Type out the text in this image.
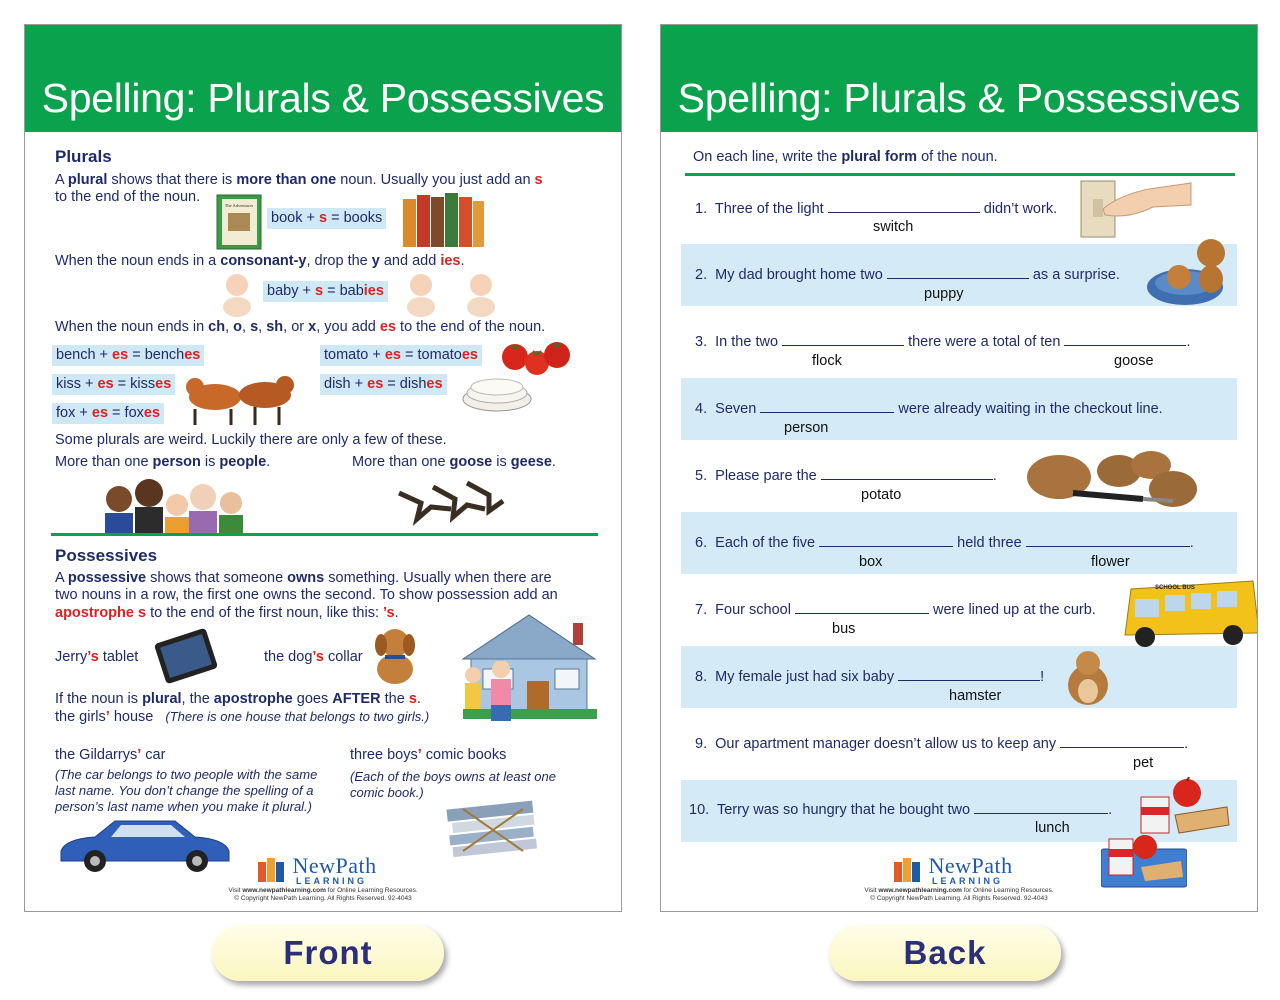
Spelling: Plurals & Possessives
Plurals
A plural shows that there is more than one noun. Usually you just add an s
to the end of the noun.
The Adventures
book + s = books
When the noun ends in a consonant-y, drop the y and add ies.
baby + s = babies
When the noun ends in ch, o, s, sh, or x, you add es to the end of the noun.
bench + es = benches
kiss + es = kisses
fox + es = foxes
tomato + es = tomatoes
dish + es = dishes
Some plurals are weird. Luckily there are only a few of these.
More than one person is people.	More than one goose is geese.
Possessives
A possessive shows that someone owns something. Usually when there are
two nouns in a row, the first one owns the second. To show possession add an
apostrophe s to the end of the first noun, like this: ’s.
Jerry’s tablet	the dog’s collar
If the noun is plural, the apostrophe goes AFTER the s.
the girls’ house (There is one house that belongs to two girls.)
the Gildarrys’ car
(The car belongs to two people with the same
last name. You don’t change the spelling of a
person’s last name when you make it plural.)
three boys’ comic books
(Each of the boys owns at least one
comic book.)
NewPath
LEARNING
Visit www.newpathlearning.com for Online Learning Resources.
© Copyright NewPath Learning. All Rights Reserved. 92-4043
Spelling: Plurals & Possessives
On each line, write the plural form of the noun.
1. Three of the light	didn’t work.
switch
2. My dad brought home two	as a surprise.
puppy
3. In the two	there were a total of ten	.
flock	goose
4. Seven	were already waiting in the checkout line.
person
5. Please pare the	.
potato
6. Each of the five	held three	.
box	flower
7. Four school	were lined up at the curb.
bus
8. My female just had six baby	!
hamster
9. Our apartment manager doesn’t allow us to keep any	.
pet
10. Terry was so hungry that he bought two	.
lunch
SCHOOL BUS
NewPath
LEARNING
Visit www.newpathlearning.com for Online Learning Resources.
© Copyright NewPath Learning. All Rights Reserved. 92-4043
Front	Back
